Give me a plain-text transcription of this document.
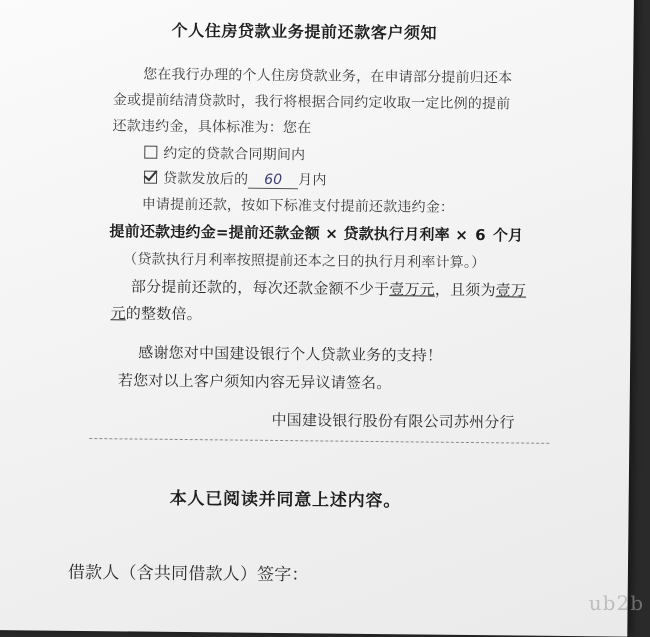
个人住房贷款业务提前还款客户须知
您在我行办理的个人住房贷款业务，在申请部分提前归还本
金或提前结清贷款时，我行将根据合同约定收取一定比例的提前
还款违约金，具体标准为：您在
约定的贷款合同期间内
贷款发放后的 60 月内
申请提前还款，按如下标准支付提前还款违约金：
提前还款违约金=提前还款金额 × 贷款执行月利率 × 6 个月
（贷款执行月利率按照提前还本之日的执行月利率计算。）
部分提前还款的，每次还款金额不少于壹万元，且须为壹万
元的整数倍。
感谢您对中国建设银行个人贷款业务的支持！
若您对以上客户须知内容无异议请签名。
中国建设银行股份有限公司苏州分行
本人已阅读并同意上述内容。
借款人（含共同借款人）签字：
ub2b
